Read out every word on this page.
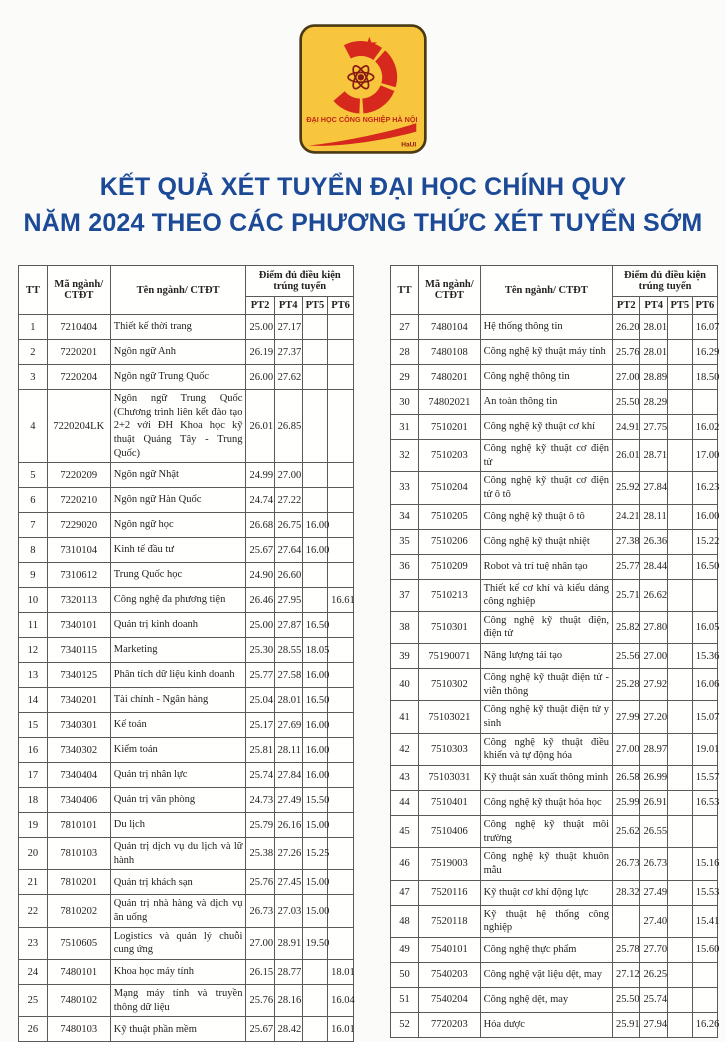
ĐẠI HỌC CÔNG NGHIỆP HÀ NỘI
HaUI
KẾT QUẢ XÉT TUYỂN ĐẠI HỌC CHÍNH QUY
NĂM 2024 THEO CÁC PHƯƠNG THỨC XÉT TUYỂN SỚM
TT	Mã ngành/ CTĐT	Tên ngành/ CTĐT	Điểm đủ điều kiện trúng tuyển			
			PT2	PT4	PT5	PT6
1	7210404	Thiết kế thời trang	25.00	27.17		
2	7220201	Ngôn ngữ Anh	26.19	27.37		
3	7220204	Ngôn ngữ Trung Quốc	26.00	27.62		
4	7220204LK	Ngôn ngữ Trung Quốc (Chương trình liên kết đào tạo 2+2 với ĐH Khoa học kỹ thuật Quảng Tây - Trung Quốc)	26.01	26.85		
5	7220209	Ngôn ngữ Nhật	24.99	27.00		
6	7220210	Ngôn ngữ Hàn Quốc	24.74	27.22		
7	7229020	Ngôn ngữ học	26.68	26.75	16.00	
8	7310104	Kinh tế đầu tư	25.67	27.64	16.00	
9	7310612	Trung Quốc học	24.90	26.60		
10	7320113	Công nghệ đa phương tiện	26.46	27.95		16.61
11	7340101	Quản trị kinh doanh	25.00	27.87	16.50	
12	7340115	Marketing	25.30	28.55	18.05	
13	7340125	Phân tích dữ liệu kinh doanh	25.77	27.58	16.00	
14	7340201	Tài chính - Ngân hàng	25.04	28.01	16.50	
15	7340301	Kế toán	25.17	27.69	16.00	
16	7340302	Kiểm toán	25.81	28.11	16.00	
17	7340404	Quản trị nhân lực	25.74	27.84	16.00	
18	7340406	Quản trị văn phòng	24.73	27.49	15.50	
19	7810101	Du lịch	25.79	26.16	15.00	
20	7810103	Quản trị dịch vụ du lịch và lữ hành	25.38	27.26	15.25	
21	7810201	Quản trị khách sạn	25.76	27.45	15.00	
22	7810202	Quản trị nhà hàng và dịch vụ ăn uống	26.73	27.03	15.00	
23	7510605	Logistics và quản lý chuỗi cung ứng	27.00	28.91	19.50	
24	7480101	Khoa học máy tính	26.15	28.77		18.01
25	7480102	Mạng máy tính và truyền thông dữ liệu	25.76	28.16		16.04
26	7480103	Kỹ thuật phần mềm	25.67	28.42		16.01
TT	Mã ngành/ CTĐT	Tên ngành/ CTĐT	Điểm đủ điều kiện trúng tuyển			
			PT2	PT4	PT5	PT6
27	7480104	Hệ thống thông tin	26.20	28.01		16.07
28	7480108	Công nghệ kỹ thuật máy tính	25.76	28.01		16.29
29	7480201	Công nghệ thông tin	27.00	28.89		18.50
30	74802021	An toàn thông tin	25.50	28.29		
31	7510201	Công nghệ kỹ thuật cơ khí	24.91	27.75		16.02
32	7510203	Công nghệ kỹ thuật cơ điện tử	26.01	28.71		17.00
33	7510204	Công nghệ kỹ thuật cơ điện tử ô tô	25.92	27.84		16.23
34	7510205	Công nghệ kỹ thuật ô tô	24.21	28.11		16.00
35	7510206	Công nghệ kỹ thuật nhiệt	27.38	26.36		15.22
36	7510209	Robot và trí tuệ nhân tạo	25.77	28.44		16.50
37	7510213	Thiết kế cơ khí và kiểu dáng công nghiệp	25.71	26.62		
38	7510301	Công nghệ kỹ thuật điện, điện tử	25.82	27.80		16.05
39	75190071	Năng lượng tái tạo	25.56	27.00		15.36
40	7510302	Công nghệ kỹ thuật điện tử - viễn thông	25.28	27.92		16.06
41	75103021	Công nghệ kỹ thuật điện tử y sinh	27.99	27.20		15.07
42	7510303	Công nghệ kỹ thuật điều khiển và tự động hóa	27.00	28.97		19.01
43	75103031	Kỹ thuật sản xuất thông minh	26.58	26.99		15.57
44	7510401	Công nghệ kỹ thuật hóa học	25.99	26.91		16.53
45	7510406	Công nghệ kỹ thuật môi trường	25.62	26.55		
46	7519003	Công nghệ kỹ thuật khuôn mẫu	26.73	26.73		15.16
47	7520116	Kỹ thuật cơ khí động lực	28.32	27.49		15.53
48	7520118	Kỹ thuật hệ thống công nghiệp		27.40		15.41
49	7540101	Công nghệ thực phẩm	25.78	27.70		15.60
50	7540203	Công nghệ vật liệu dệt, may	27.12	26.25		
51	7540204	Công nghệ dệt, may	25.50	25.74		
52	7720203	Hóa dược	25.91	27.94		16.26
